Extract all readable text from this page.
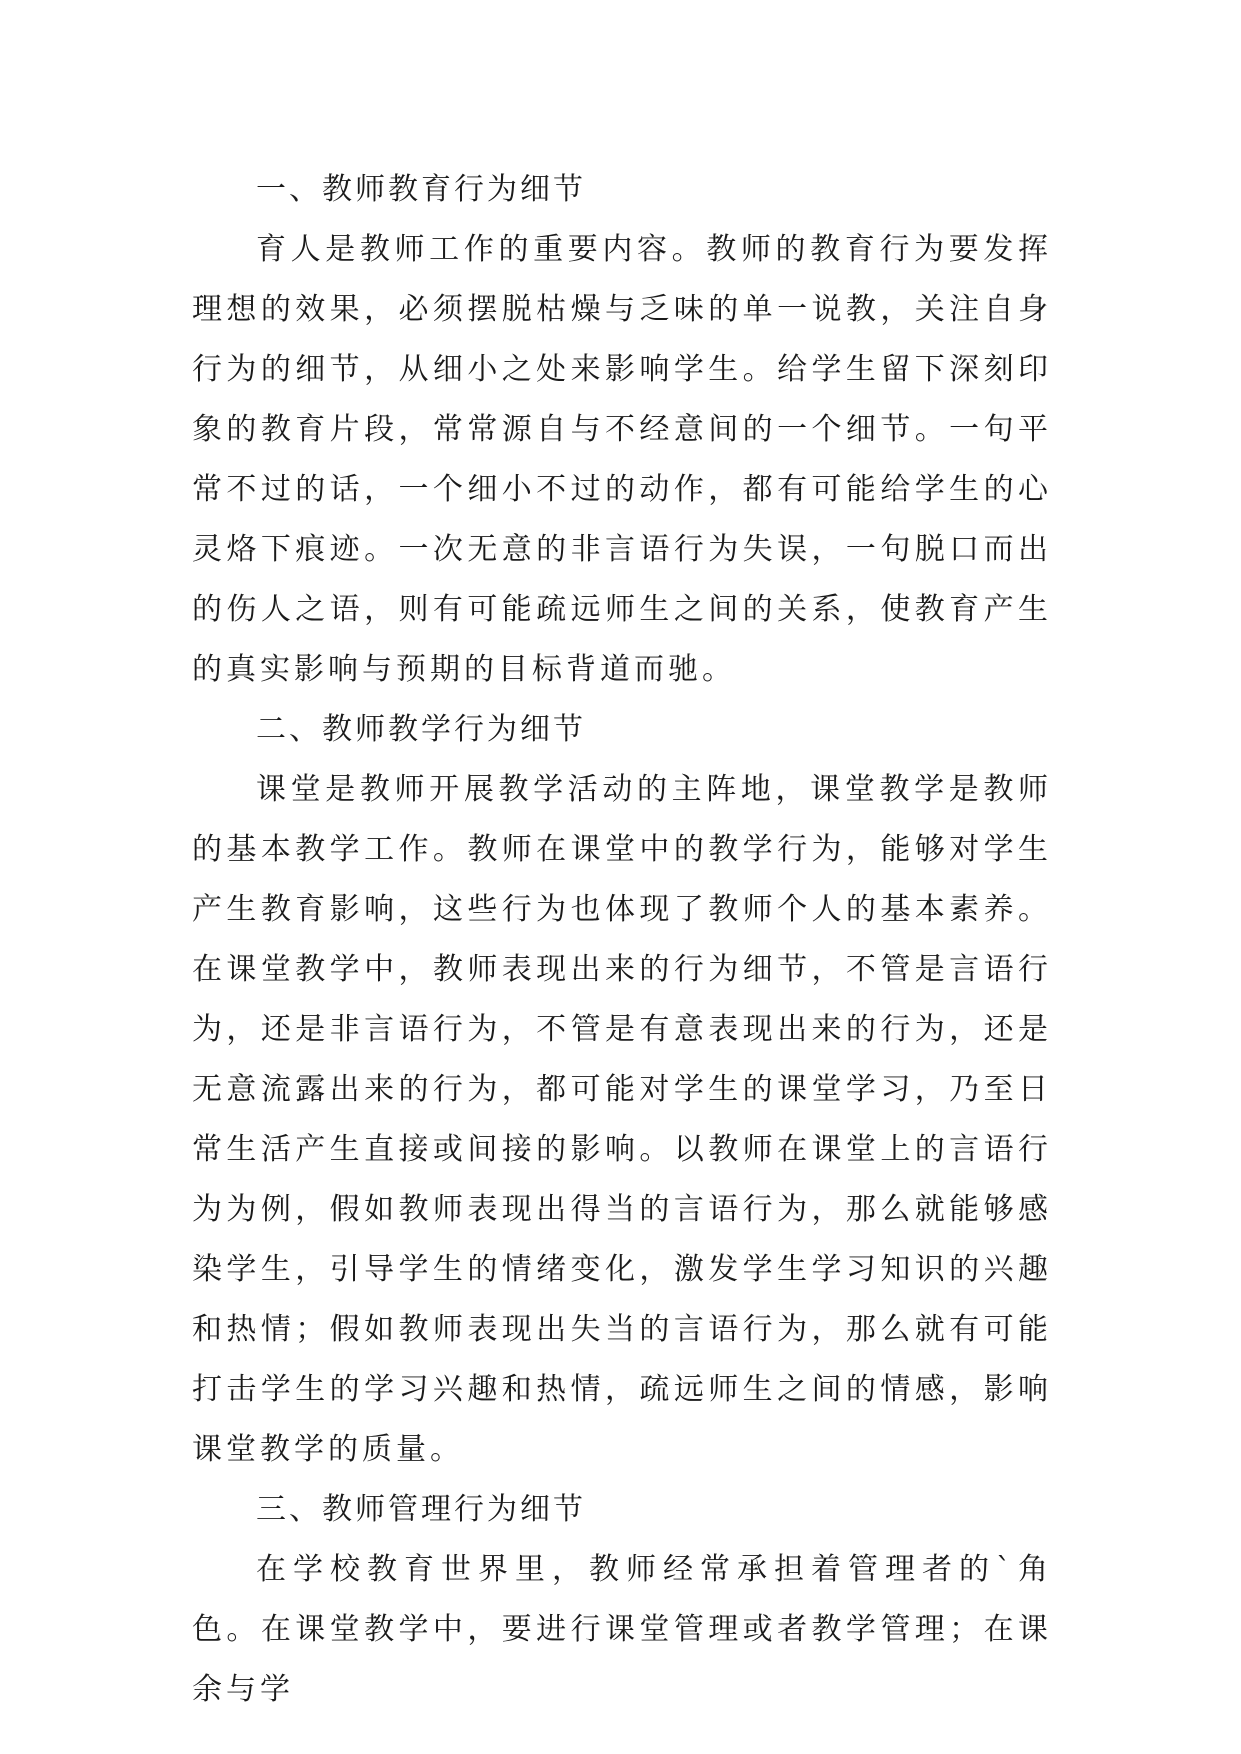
一、教师教育行为细节

育人是教师工作的重要内容。教师的教育行为要发挥理想的效果，必须摆脱枯燥与乏味的单一说教，关注自身行为的细节，从细小之处来影响学生。给学生留下深刻印象的教育片段，常常源自与不经意间的一个细节。一句平常不过的话，一个细小不过的动作，都有可能给学生的心灵烙下痕迹。一次无意的非言语行为失误，一句脱口而出的伤人之语，则有可能疏远师生之间的关系，使教育产生的真实影响与预期的目标背道而驰。

二、教师教学行为细节

课堂是教师开展教学活动的主阵地，课堂教学是教师的基本教学工作。教师在课堂中的教学行为，能够对学生产生教育影响，这些行为也体现了教师个人的基本素养。在课堂教学中，教师表现出来的行为细节，不管是言语行为，还是非言语行为，不管是有意表现出来的行为，还是无意流露出来的行为，都可能对学生的课堂学习，乃至日常生活产生直接或间接的影响。以教师在课堂上的言语行为为例，假如教师表现出得当的言语行为，那么就能够感染学生，引导学生的情绪变化，激发学生学习知识的兴趣和热情；假如教师表现出失当的言语行为，那么就有可能打击学生的学习兴趣和热情，疏远师生之间的情感，影响课堂教学的质量。

三、教师管理行为细节

在学校教育世界里，教师经常承担着管理者的`角色。在课堂教学中，要进行课堂管理或者教学管理；在课余与学
